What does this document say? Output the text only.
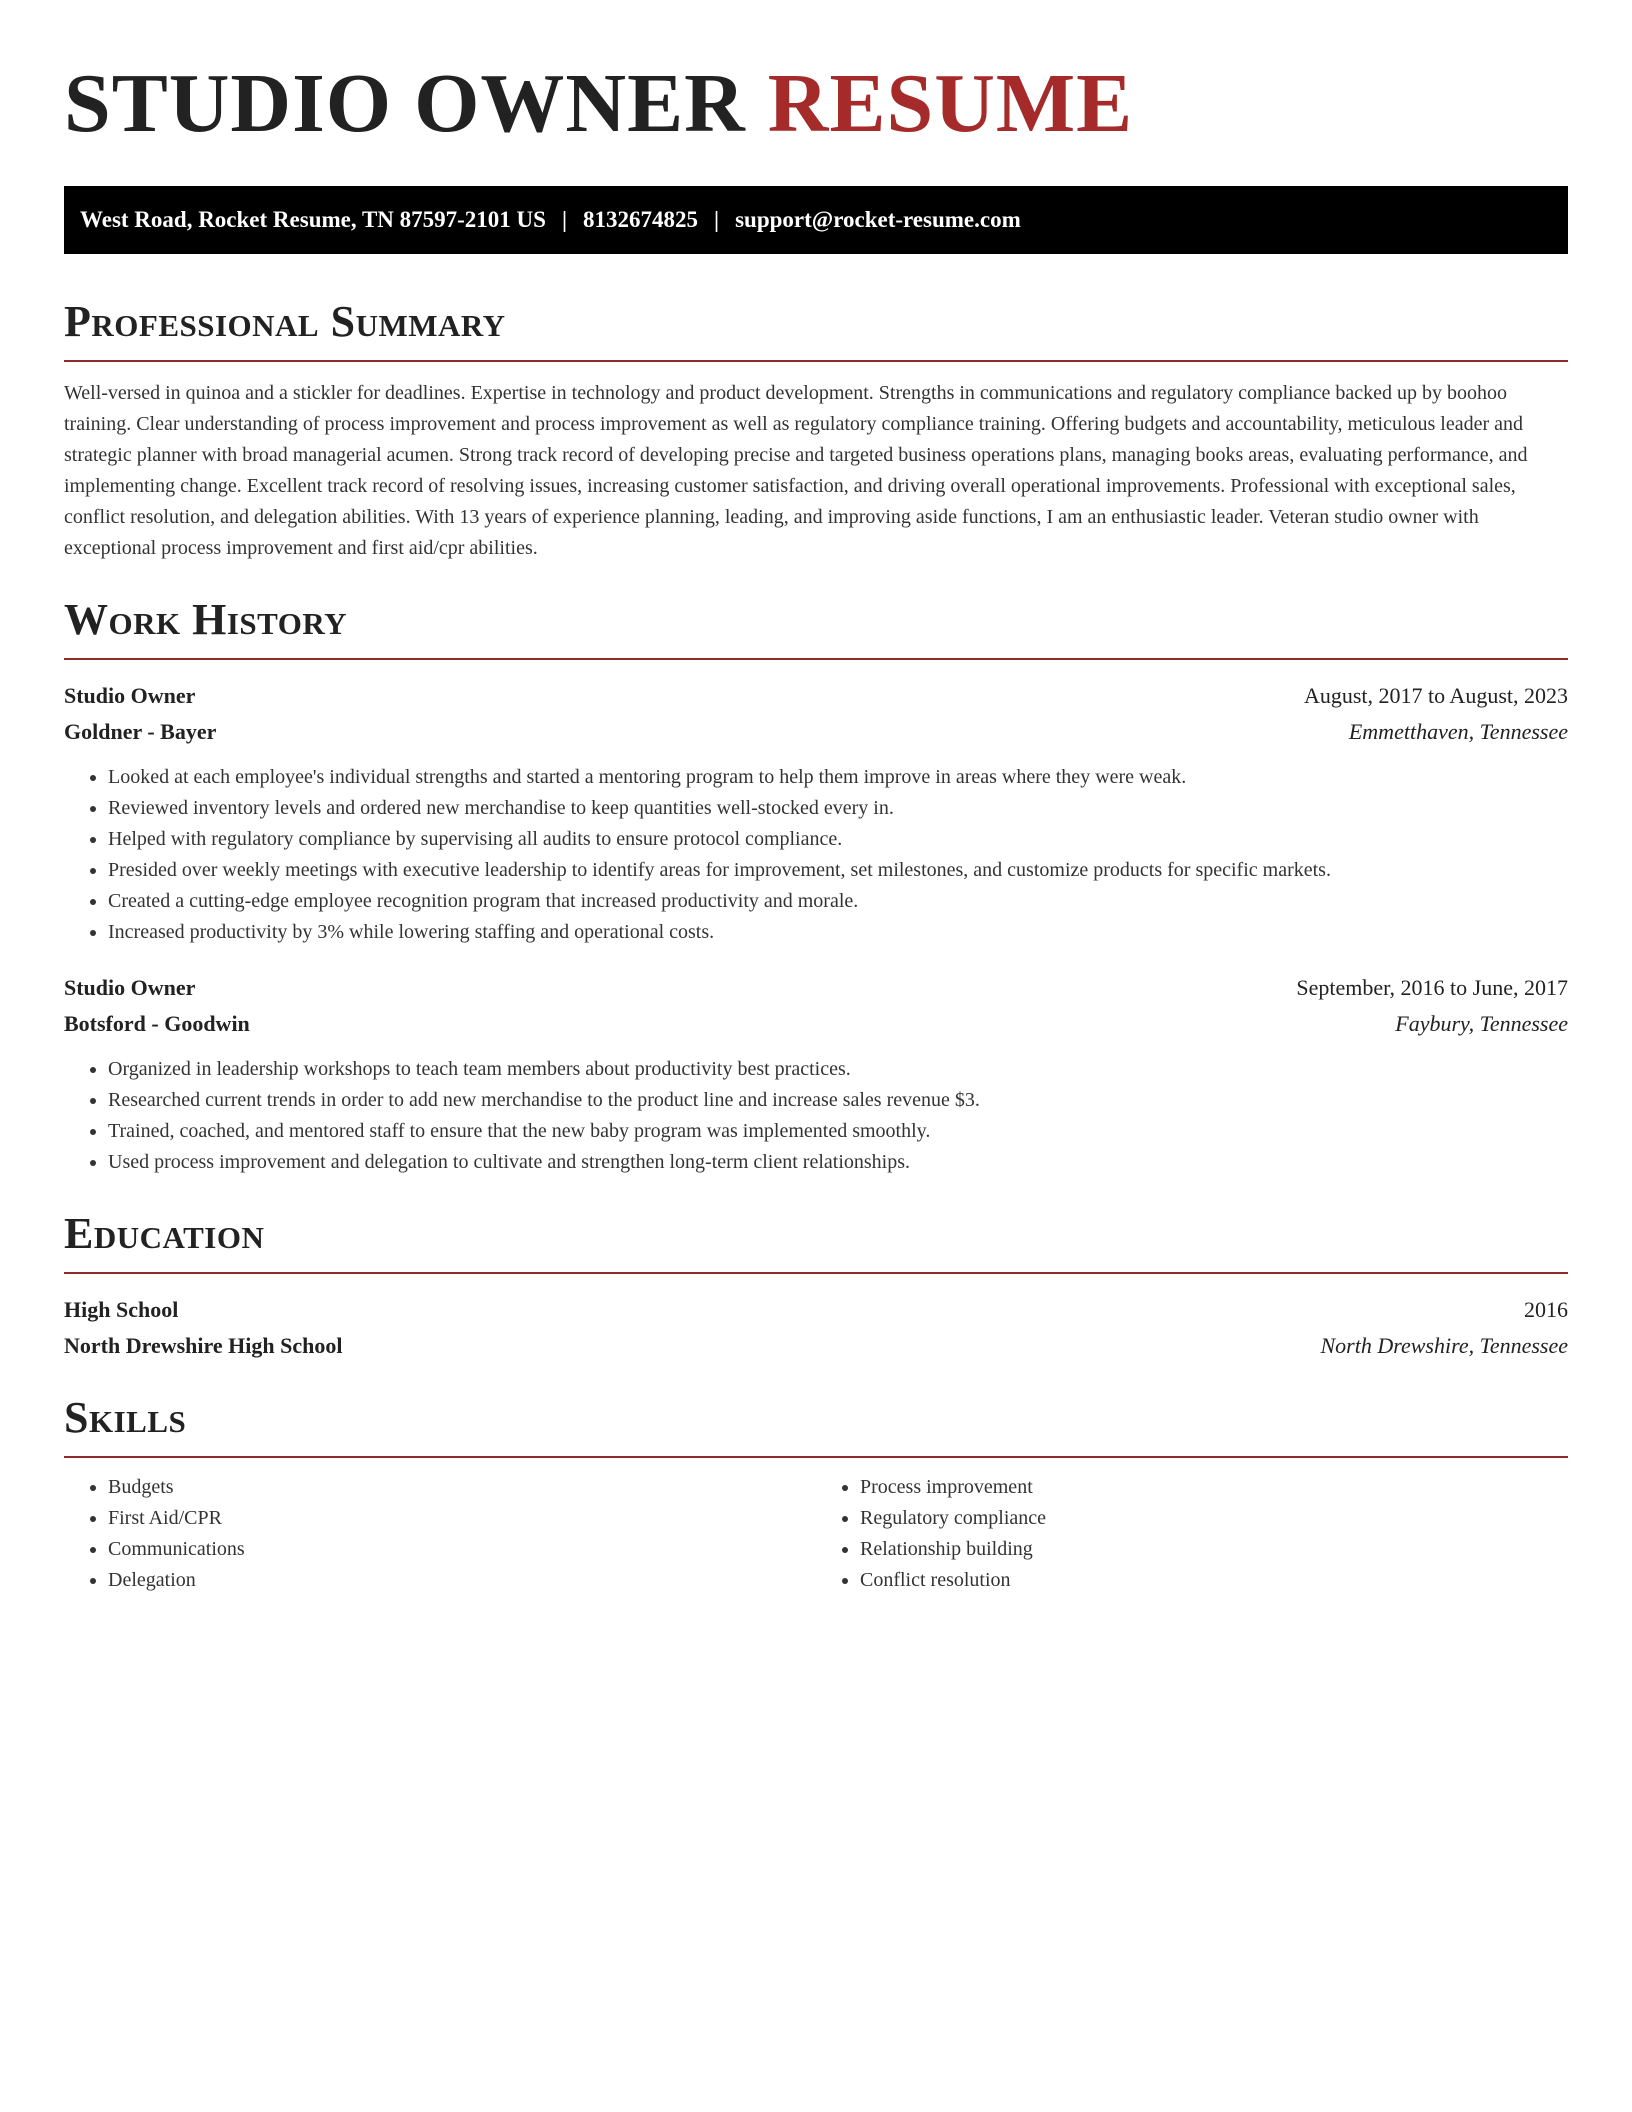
STUDIO OWNER RESUME
West Road, Rocket Resume, TN 87597-2101 US | 8132674825 | support@rocket-resume.com
Professional Summary

Well-versed in quinoa and a stickler for deadlines. Expertise in technology and product development. Strengths in communications and regulatory compliance backed up by boohoo training. Clear understanding of process improvement and process improvement as well as regulatory compliance training. Offering budgets and accountability, meticulous leader and strategic planner with broad managerial acumen. Strong track record of developing precise and targeted business operations plans, managing books areas, evaluating performance, and implementing change. Excellent track record of resolving issues, increasing customer satisfaction, and driving overall operational improvements. Professional with exceptional sales, conflict resolution, and delegation abilities. With 13 years of experience planning, leading, and improving aside functions, I am an enthusiastic leader. Veteran studio owner with exceptional process improvement and first aid/cpr abilities.

Work History
Studio Owner	August, 2017 to August, 2023
Goldner - Bayer	Emmetthaven, Tennessee
• Looked at each employee's individual strengths and started a mentoring program to help them improve in areas where they were weak.
• Reviewed inventory levels and ordered new merchandise to keep quantities well-stocked every in.
• Helped with regulatory compliance by supervising all audits to ensure protocol compliance.
• Presided over weekly meetings with executive leadership to identify areas for improvement, set milestones, and customize products for specific markets.
• Created a cutting-edge employee recognition program that increased productivity and morale.
• Increased productivity by 3% while lowering staffing and operational costs.
Studio Owner	September, 2016 to June, 2017
Botsford - Goodwin	Faybury, Tennessee
• Organized in leadership workshops to teach team members about productivity best practices.
• Researched current trends in order to add new merchandise to the product line and increase sales revenue $3.
• Trained, coached, and mentored staff to ensure that the new baby program was implemented smoothly.
• Used process improvement and delegation to cultivate and strengthen long-term client relationships.
Education
High School	2016
North Drewshire High School	North Drewshire, Tennessee
Skills
• Budgets
• First Aid/CPR
• Communications
• Delegation
• Process improvement
• Regulatory compliance
• Relationship building
• Conflict resolution
